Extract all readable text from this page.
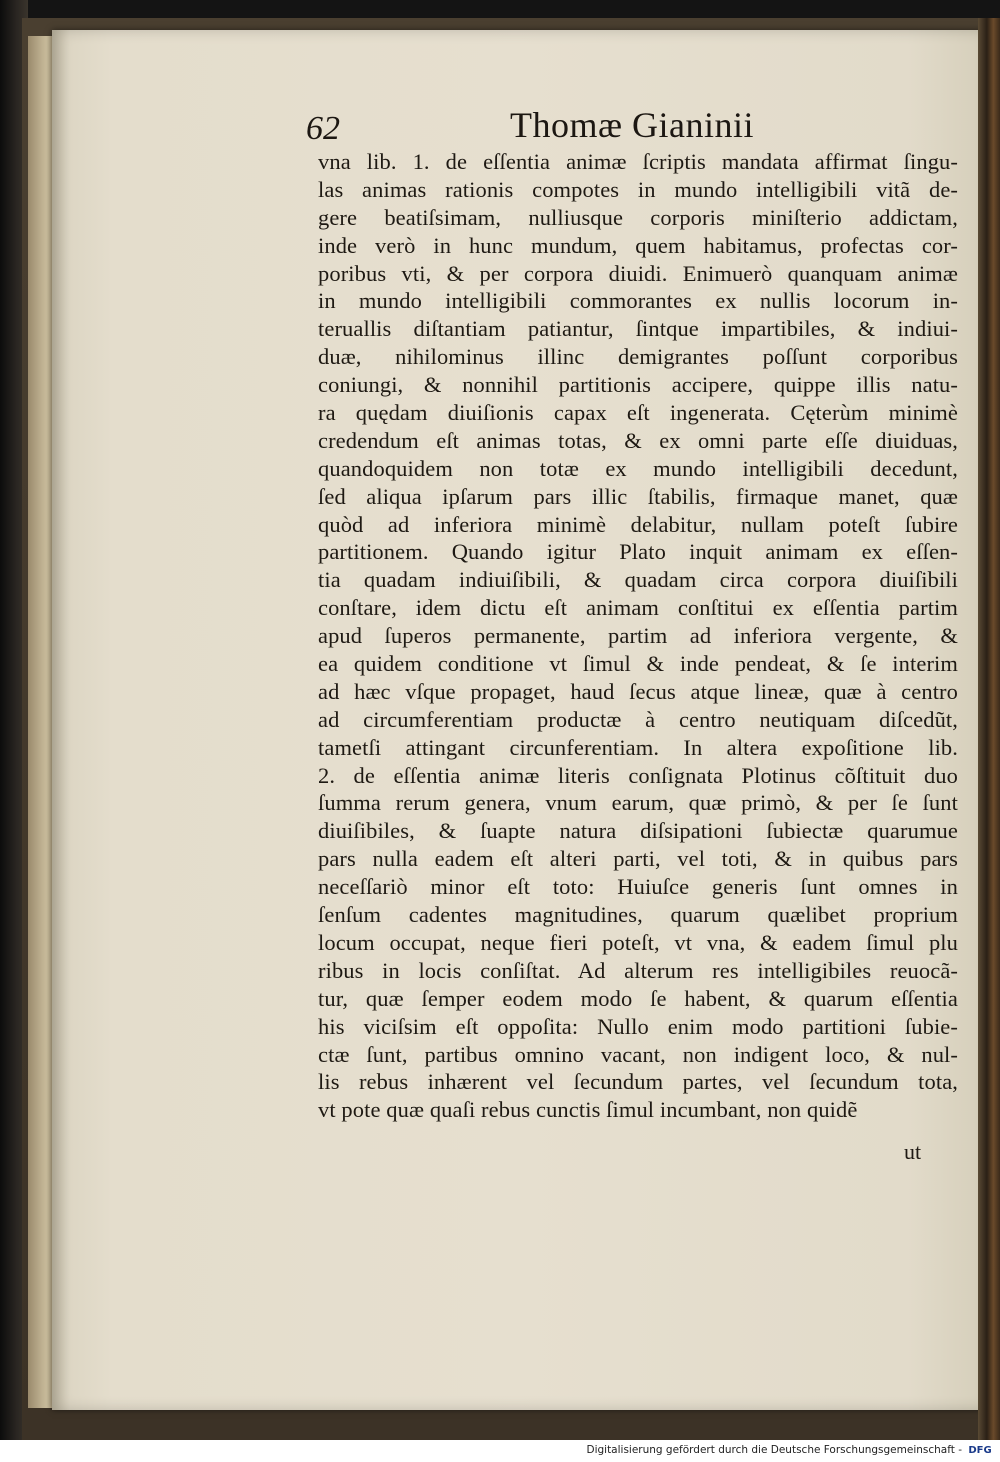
62	Thomæ Gianinii
vna lib. 1. de eſſentia animæ ſcriptis mandata affirmat ſingu-
las animas rationis compotes in mundo intelligibili vitã de-
gere beatiſsimam, nulliusque corporis miniſterio addictam,
inde verò in hunc mundum, quem habitamus, profectas cor-
poribus vti, & per corpora diuidi. Enimuerò quanquam animæ
in mundo intelligibili commorantes ex nullis locorum in-
teruallis diſtantiam patiantur, ſintque impartibiles, & indiui-
duæ, nihilominus illinc demigrantes poſſunt corporibus
coniungi, & nonnihil partitionis accipere, quippe illis natu-
ra quędam diuiſionis capax eſt ingenerata. Cęterùm minimè
credendum eſt animas totas, & ex omni parte eſſe diuiduas,
quandoquidem non totæ ex mundo intelligibili decedunt,
ſed aliqua ipſarum pars illic ſtabilis, firmaque manet, quæ
quòd ad inferiora minimè delabitur, nullam poteſt ſubire
partitionem. Quando igitur Plato inquit animam ex eſſen-
tia quadam indiuiſibili, & quadam circa corpora diuiſibili
conſtare, idem dictu eſt animam conſtitui ex eſſentia partim
apud ſuperos permanente, partim ad inferiora vergente, &
ea quidem conditione vt ſimul & inde pendeat, & ſe interim
ad hæc vſque propaget, haud ſecus atque lineæ, quæ à centro
ad circumferentiam productæ à centro neutiquam diſcedũt,
tametſi attingant circunferentiam. In altera expoſitione lib.
2. de eſſentia animæ literis conſignata Plotinus cõſtituit duo
ſumma rerum genera, vnum earum, quæ primò, & per ſe ſunt
diuiſibiles, & ſuapte natura diſsipationi ſubiectæ quarumue
pars nulla eadem eſt alteri parti, vel toti, & in quibus pars
neceſſariò minor eſt toto: Huiuſce generis ſunt omnes in
ſenſum cadentes magnitudines, quarum quælibet proprium
locum occupat, neque fieri poteſt, vt vna, & eadem ſimul plu
ribus in locis conſiſtat. Ad alterum res intelligibiles reuocã-
tur, quæ ſemper eodem modo ſe habent, & quarum eſſentia
his viciſsim eſt oppoſita: Nullo enim modo partitioni ſubie-
ctæ ſunt, partibus omnino vacant, non indigent loco, & nul-
lis rebus inhærent vel ſecundum partes, vel ſecundum tota,
vt pote quæ quaſi rebus cunctis ſimul incumbant, non quidẽ
ut
Digitalisierung gefördert durch die Deutsche Forschungsgemeinschaft - DFG
